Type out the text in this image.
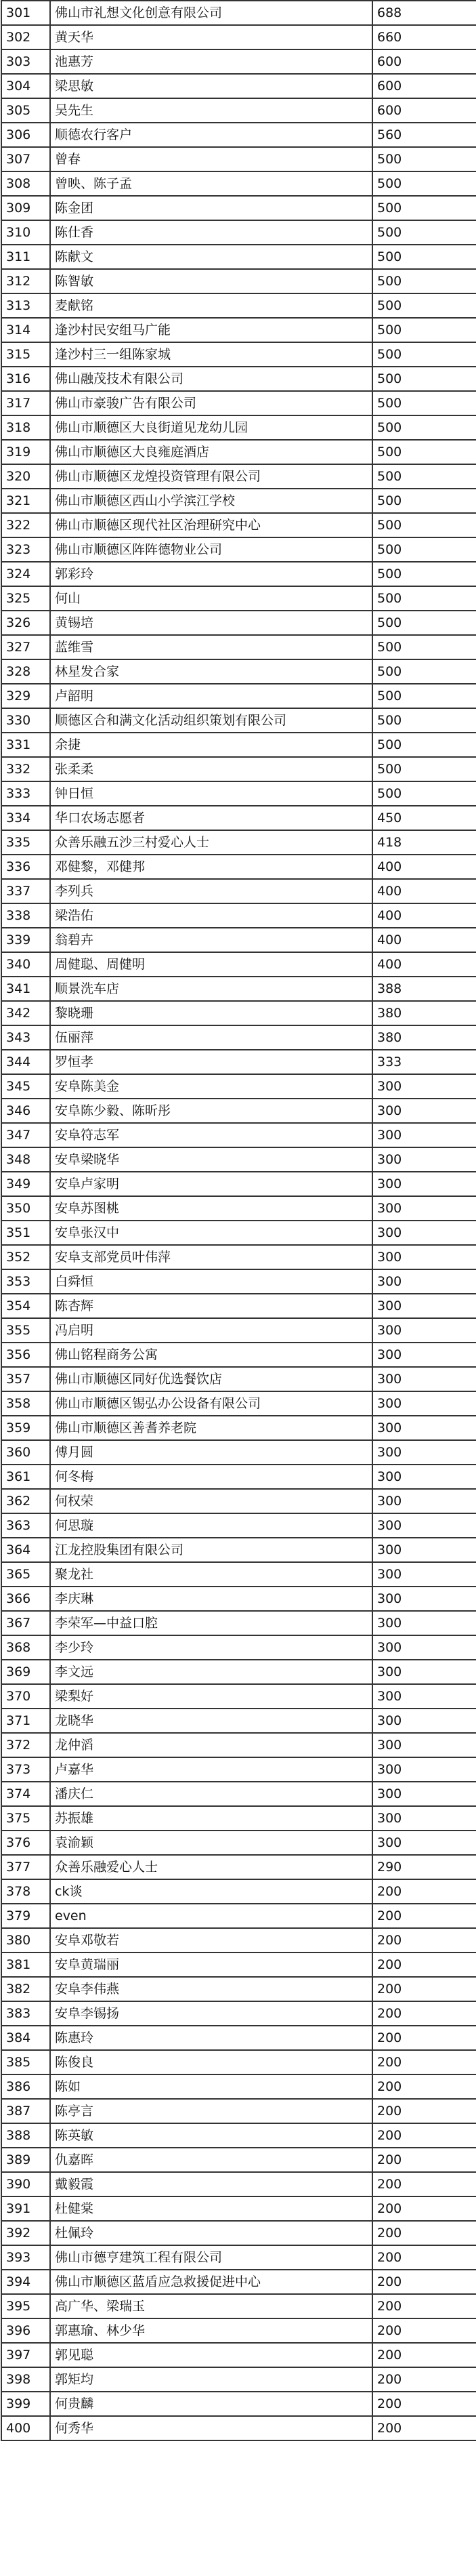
301	佛山市礼想文化创意有限公司	688
302	黄天华	660
303	池惠芳	600
304	梁思敏	600
305	吴先生	600
306	顺德农行客户	560
307	曾春	500
308	曾映、陈子孟	500
309	陈金团	500
310	陈仕香	500
311	陈献文	500
312	陈智敏	500
313	麦献铭	500
314	逢沙村民安组马广能	500
315	逢沙村三一组陈家城	500
316	佛山融茂技术有限公司	500
317	佛山市豪骏广告有限公司	500
318	佛山市顺德区大良街道见龙幼儿园	500
319	佛山市顺德区大良雍庭酒店	500
320	佛山市顺德区龙煌投资管理有限公司	500
321	佛山市顺德区西山小学滨江学校	500
322	佛山市顺德区现代社区治理研究中心	500
323	佛山市顺德区阵阵德物业公司	500
324	郭彩玲	500
325	何山	500
326	黄锡培	500
327	蓝维雪	500
328	林星发合家	500
329	卢韶明	500
330	顺德区合和满文化活动组织策划有限公司	500
331	余捷	500
332	张柔柔	500
333	钟日恒	500
334	华口农场志愿者	450
335	众善乐融五沙三村爱心人士	418
336	邓健黎，邓健邦	400
337	李列兵	400
338	梁浩佑	400
339	翁碧卉	400
340	周健聪、周健明	400
341	顺景洗车店	388
342	黎晓珊	380
343	伍丽萍	380
344	罗恒孝	333
345	安阜陈美金	300
346	安阜陈少毅、陈昕彤	300
347	安阜符志军	300
348	安阜梁晓华	300
349	安阜卢家明	300
350	安阜苏图桃	300
351	安阜张汉中	300
352	安阜支部党员叶伟萍	300
353	白舜恒	300
354	陈杏辉	300
355	冯启明	300
356	佛山铭程商务公寓	300
357	佛山市顺德区同好优选餐饮店	300
358	佛山市顺德区锡弘办公设备有限公司	300
359	佛山市顺德区善耆养老院	300
360	傅月圆	300
361	何冬梅	300
362	何权荣	300
363	何思璇	300
364	江龙控股集团有限公司	300
365	聚龙社	300
366	李庆琳	300
367	李荣军—中益口腔	300
368	李少玲	300
369	李文远	300
370	梁梨好	300
371	龙晓华	300
372	龙仲滔	300
373	卢嘉华	300
374	潘庆仁	300
375	苏振雄	300
376	袁渝颖	300
377	众善乐融爱心人士	290
378	ck谈	200
379	even	200
380	安阜邓敬若	200
381	安阜黄瑞丽	200
382	安阜李伟燕	200
383	安阜李锡扬	200
384	陈惠玲	200
385	陈俊良	200
386	陈如	200
387	陈亭言	200
388	陈英敏	200
389	仇嘉晖	200
390	戴毅霞	200
391	杜健棠	200
392	杜佩玲	200
393	佛山市德亨建筑工程有限公司	200
394	佛山市顺德区蓝盾应急救援促进中心	200
395	高广华、梁瑞玉	200
396	郭惠瑜、林少华	200
397	郭见聪	200
398	郭矩均	200
399	何贵麟	200
400	何秀华	200
